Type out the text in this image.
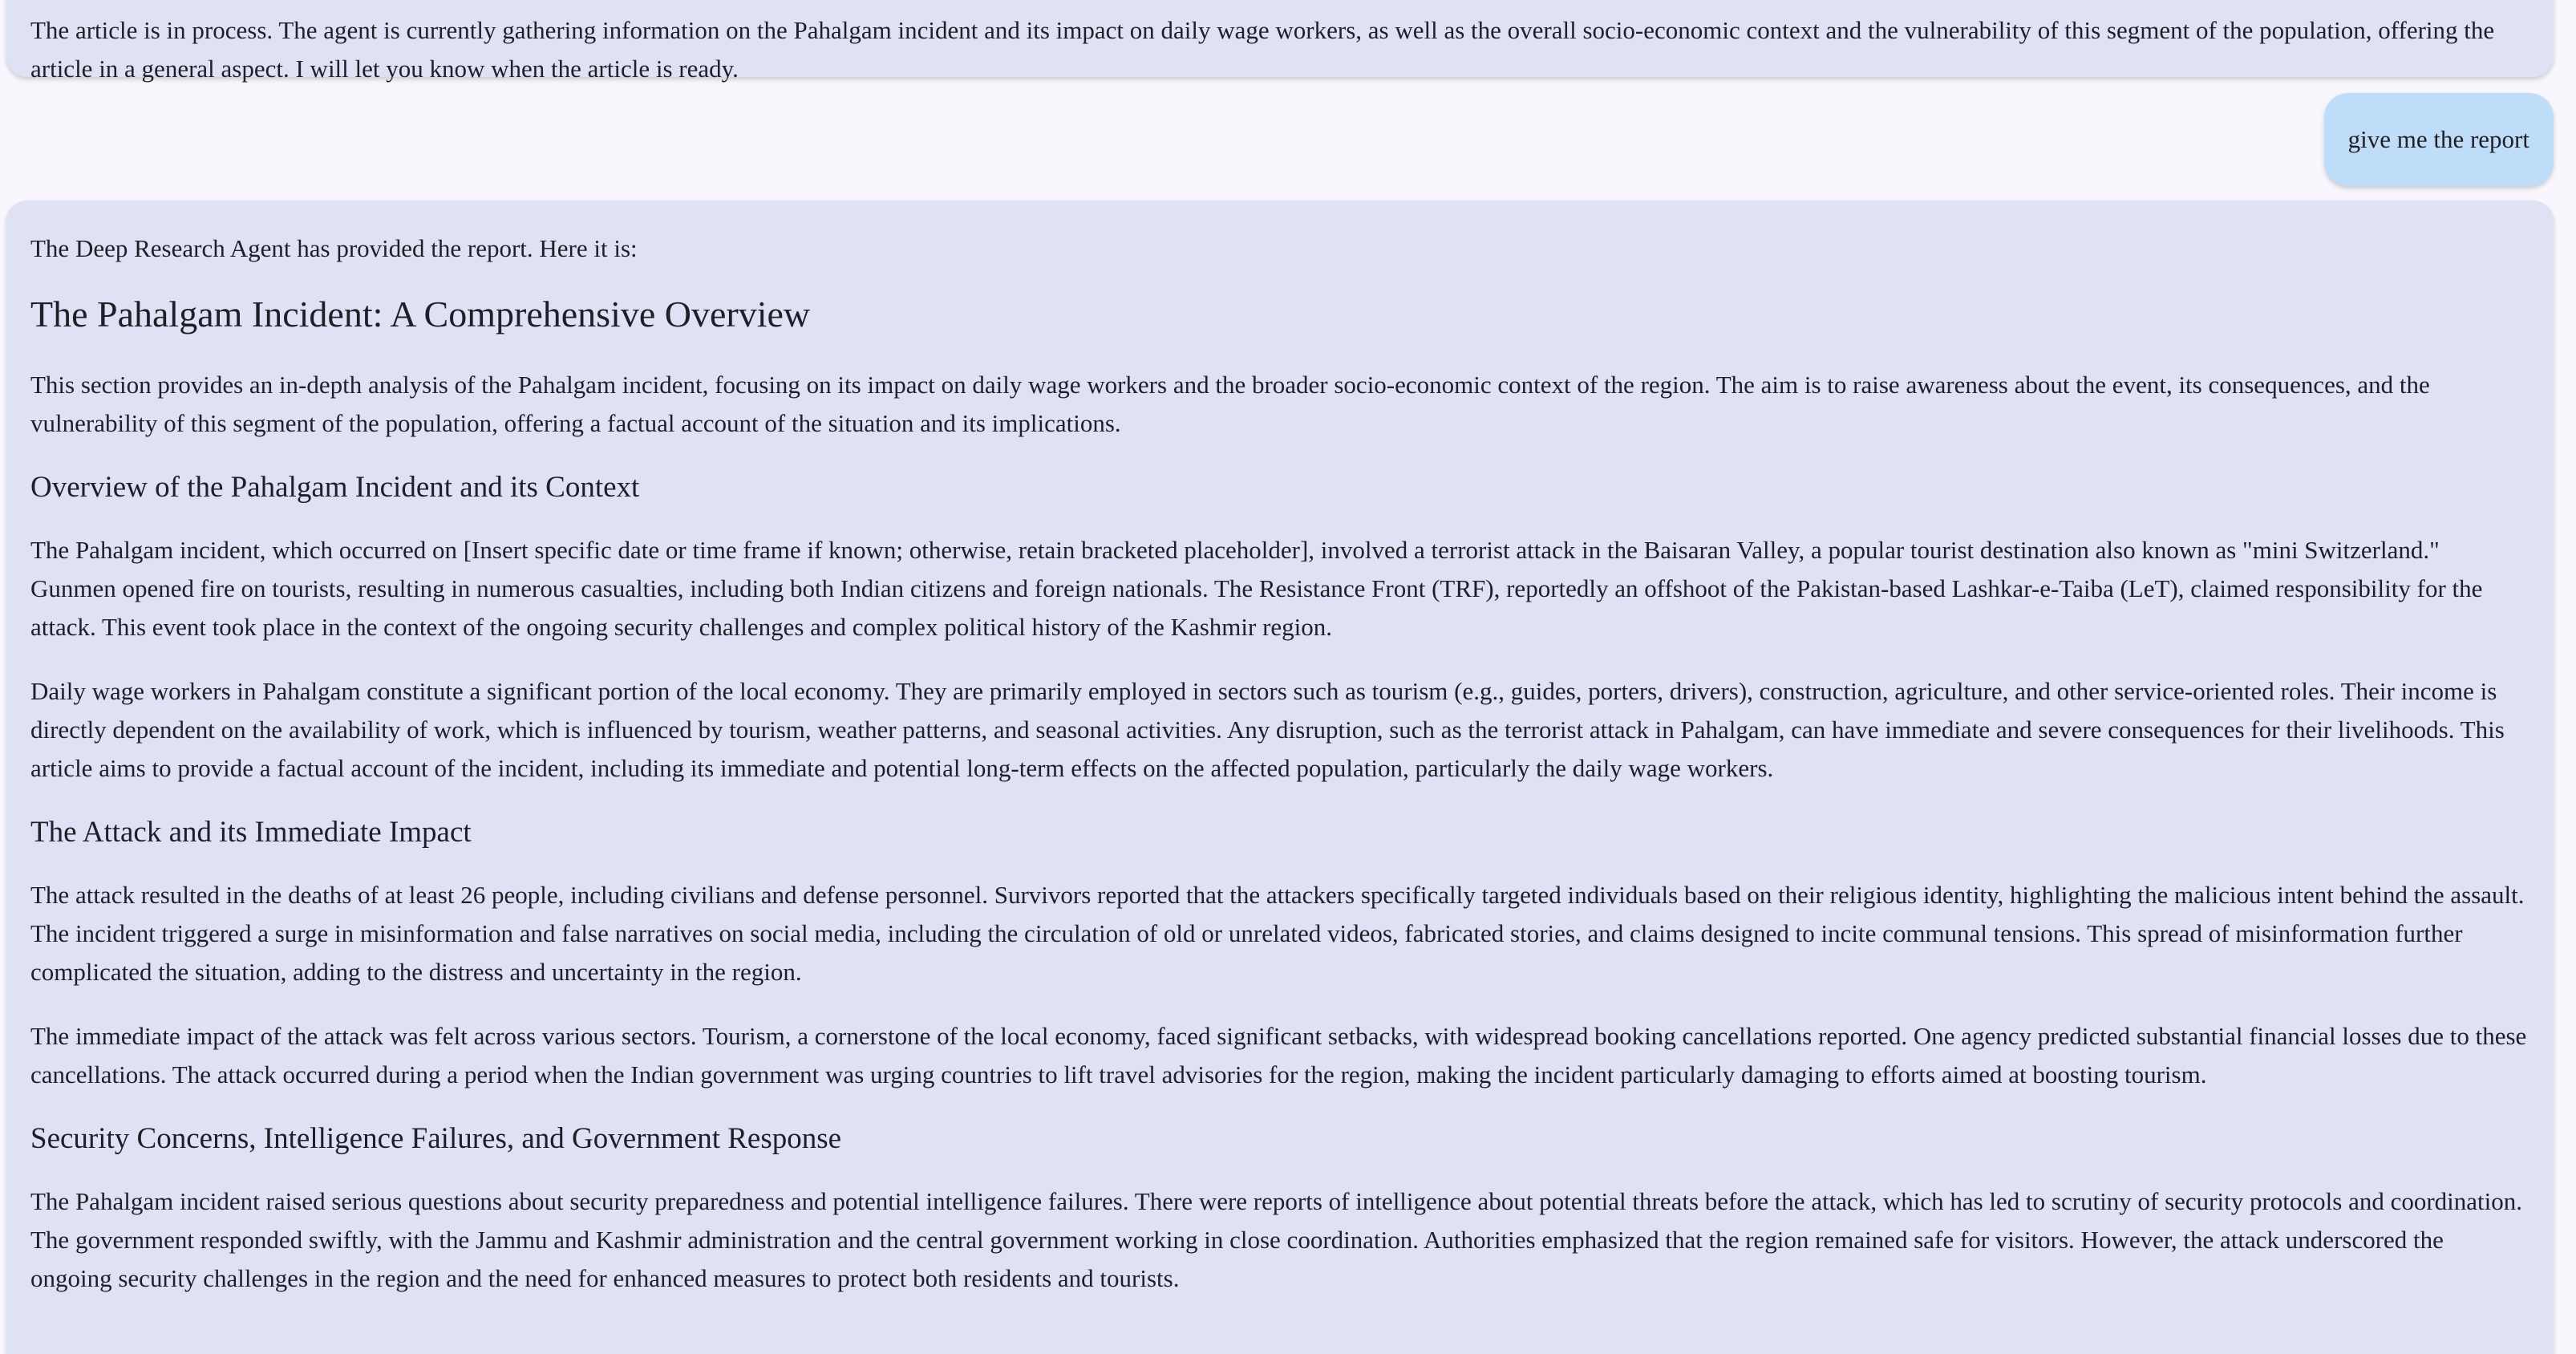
The article is in process. The agent is currently gathering information on the Pahalgam incident and its impact on daily wage workers, as well as the overall socio-economic context and the vulnerability of this segment of the population, offering the article in a general aspect. I will let you know when the article is ready.

give me the report

The Deep Research Agent has provided the report. Here it is:

The Pahalgam Incident: A Comprehensive Overview

This section provides an in-depth analysis of the Pahalgam incident, focusing on its impact on daily wage workers and the broader socio-economic context of the region. The aim is to raise awareness about the event, its consequences, and the vulnerability of this segment of the population, offering a factual account of the situation and its implications.

Overview of the Pahalgam Incident and its Context

The Pahalgam incident, which occurred on [Insert specific date or time frame if known; otherwise, retain bracketed placeholder], involved a terrorist attack in the Baisaran Valley, a popular tourist destination also known as "mini Switzerland." Gunmen opened fire on tourists, resulting in numerous casualties, including both Indian citizens and foreign nationals. The Resistance Front (TRF), reportedly an offshoot of the Pakistan-based Lashkar-e-Taiba (LeT), claimed responsibility for the attack. This event took place in the context of the ongoing security challenges and complex political history of the Kashmir region.

Daily wage workers in Pahalgam constitute a significant portion of the local economy. They are primarily employed in sectors such as tourism (e.g., guides, porters, drivers), construction, agriculture, and other service-oriented roles. Their income is directly dependent on the availability of work, which is influenced by tourism, weather patterns, and seasonal activities. Any disruption, such as the terrorist attack in Pahalgam, can have immediate and severe consequences for their livelihoods. This article aims to provide a factual account of the incident, including its immediate and potential long-term effects on the affected population, particularly the daily wage workers.

The Attack and its Immediate Impact

The attack resulted in the deaths of at least 26 people, including civilians and defense personnel. Survivors reported that the attackers specifically targeted individuals based on their religious identity, highlighting the malicious intent behind the assault. The incident triggered a surge in misinformation and false narratives on social media, including the circulation of old or unrelated videos, fabricated stories, and claims designed to incite communal tensions. This spread of misinformation further complicated the situation, adding to the distress and uncertainty in the region.

The immediate impact of the attack was felt across various sectors. Tourism, a cornerstone of the local economy, faced significant setbacks, with widespread booking cancellations reported. One agency predicted substantial financial losses due to these cancellations. The attack occurred during a period when the Indian government was urging countries to lift travel advisories for the region, making the incident particularly damaging to efforts aimed at boosting tourism.

Security Concerns, Intelligence Failures, and Government Response

The Pahalgam incident raised serious questions about security preparedness and potential intelligence failures. There were reports of intelligence about potential threats before the attack, which has led to scrutiny of security protocols and coordination. The government responded swiftly, with the Jammu and Kashmir administration and the central government working in close coordination. Authorities emphasized that the region remained safe for visitors. However, the attack underscored the ongoing security challenges in the region and the need for enhanced measures to protect both residents and tourists.
